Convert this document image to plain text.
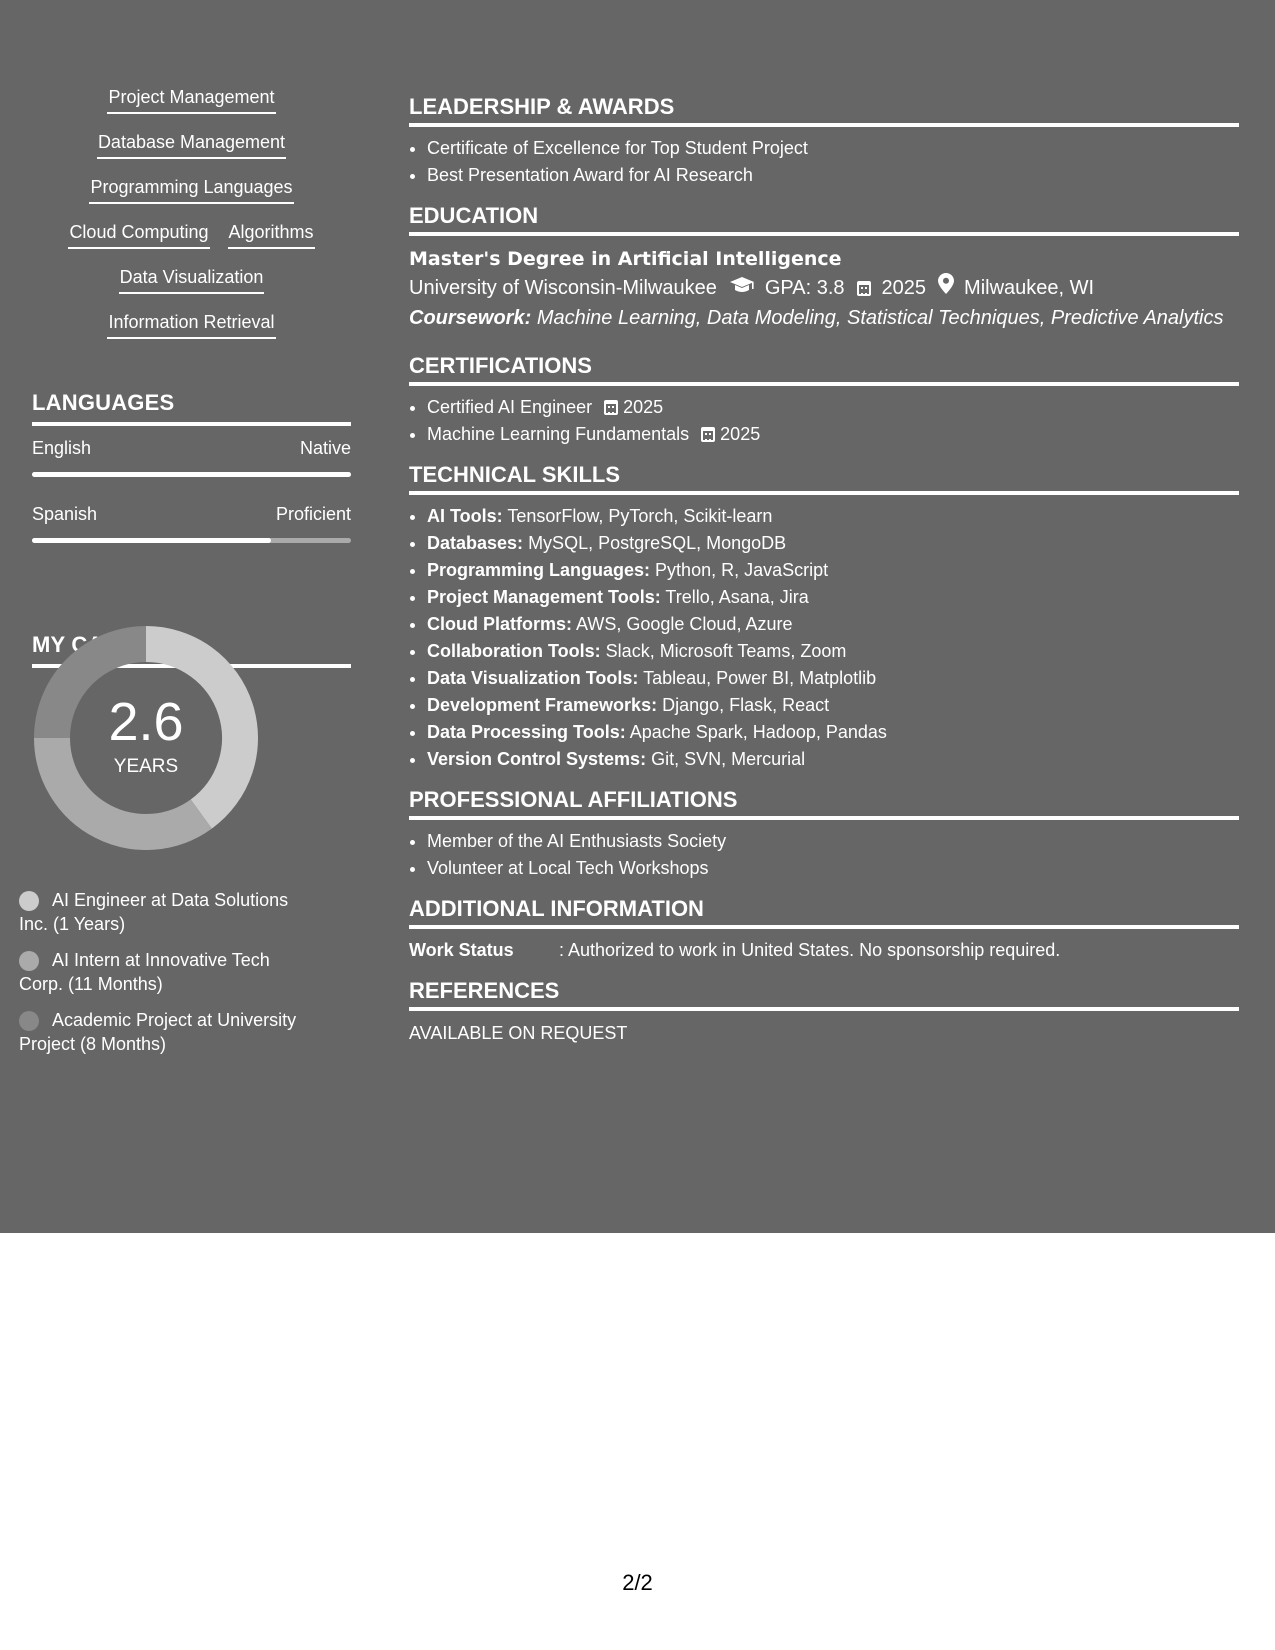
Project Management
Database Management
Programming Languages
Cloud Computing Algorithms
Data Visualization
Information Retrieval
LANGUAGES
English	Native
Spanish	Proficient
MY CAREER
2.6
YEARS
AI Engineer at Data Solutions Inc. (1 Years)
AI Intern at Innovative Tech Corp. (11 Months)
Academic Project at University Project (8 Months)
LEADERSHIP & AWARDS
• Certificate of Excellence for Top Student Project
• Best Presentation Award for AI Research
EDUCATION
Master's Degree in Artificial Intelligence
University of Wisconsin-Milwaukee GPA: 3.8 2025 Milwaukee, WI
Coursework: Machine Learning, Data Modeling, Statistical Techniques, Predictive Analytics
CERTIFICATIONS
• Certified AI Engineer 2025
• Machine Learning Fundamentals 2025
TECHNICAL SKILLS
• AI Tools: TensorFlow, PyTorch, Scikit-learn
• Databases: MySQL, PostgreSQL, MongoDB
• Programming Languages: Python, R, JavaScript
• Project Management Tools: Trello, Asana, Jira
• Cloud Platforms: AWS, Google Cloud, Azure
• Collaboration Tools: Slack, Microsoft Teams, Zoom
• Data Visualization Tools: Tableau, Power BI, Matplotlib
• Development Frameworks: Django, Flask, React
• Data Processing Tools: Apache Spark, Hadoop, Pandas
• Version Control Systems: Git, SVN, Mercurial
PROFESSIONAL AFFILIATIONS
• Member of the AI Enthusiasts Society
• Volunteer at Local Tech Workshops
ADDITIONAL INFORMATION
Work Status	: Authorized to work in United States. No sponsorship required.
REFERENCES
AVAILABLE ON REQUEST
2/2
